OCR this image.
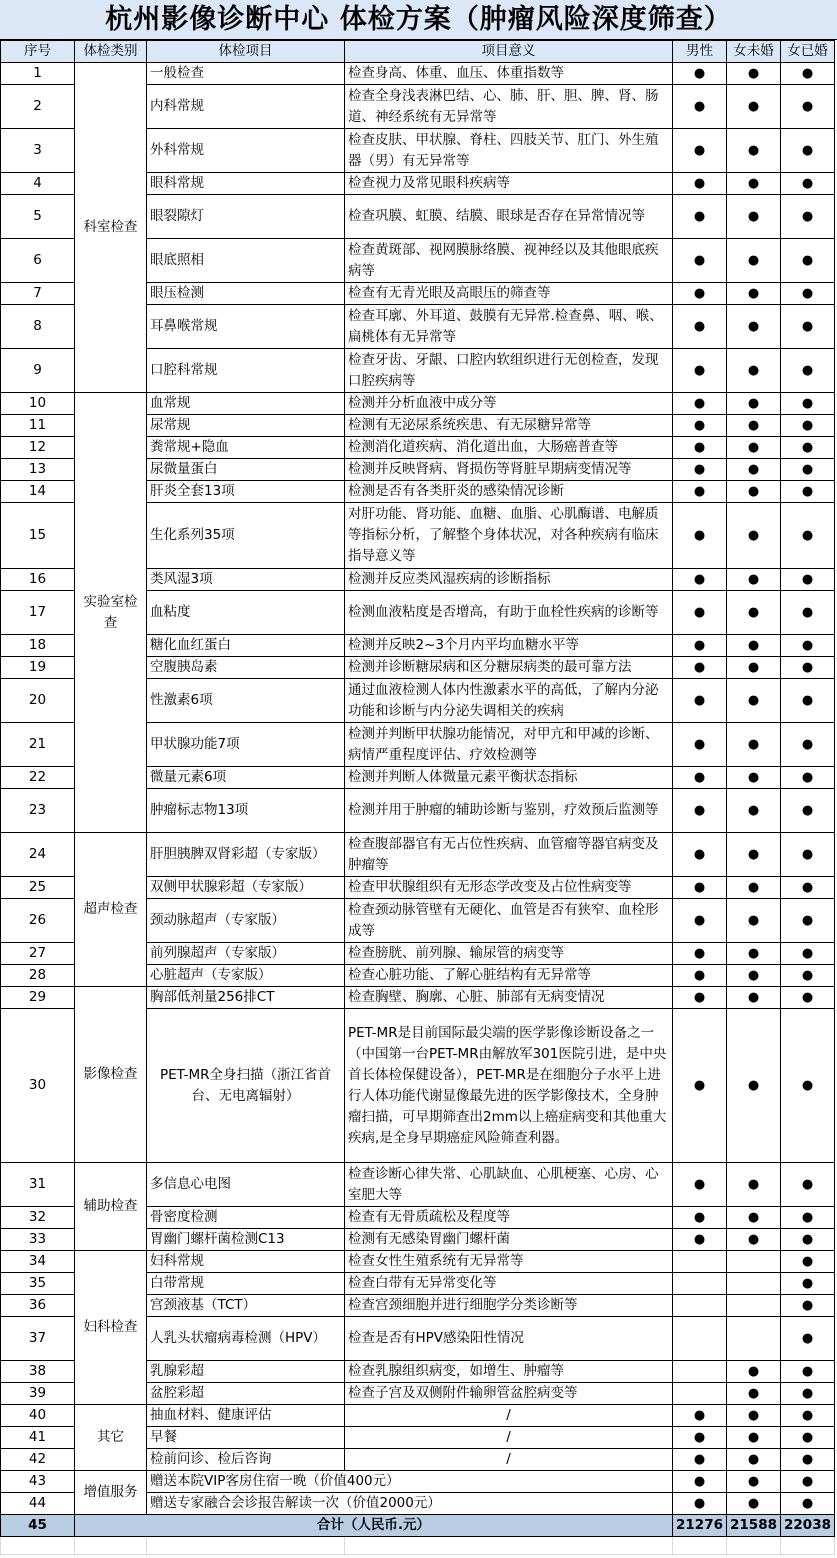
杭州影像诊断中心 体检方案（肿瘤风险深度筛查）
序号	体检类别	体检项目	项目意义	男性	女未婚	女已婚
1	科室检查	一般检查	检查身高、体重、血压、体重指数等	●	●	●
2		内科常规	检查全身浅表淋巴结、心、肺、肝、胆、脾、肾、肠道、神经系统有无异常等	●	●	●
3		外科常规	检查皮肤、甲状腺、脊柱、四肢关节、肛门、外生殖器（男）有无异常等	●	●	●
4		眼科常规	检查视力及常见眼科疾病等	●	●	●
5		眼裂隙灯	检查巩膜、虹膜、结膜、眼球是否存在异常情况等	●	●	●
6		眼底照相	检查黄斑部、视网膜脉络膜、视神经以及其他眼底疾病等	●	●	●
7		眼压检测	检查有无青光眼及高眼压的筛查等	●	●	●
8		耳鼻喉常规	检查耳廓、外耳道、鼓膜有无异常.检查鼻、咽、喉、扁桃体有无异常等	●	●	●
9		口腔科常规	检查牙齿、牙龈、口腔内软组织进行无创检查，发现口腔疾病等	●	●	●
10	实验室检查	血常规	检测并分析血液中成分等	●	●	●
11		尿常规	检测有无泌尿系统疾患、有无尿糖异常等	●	●	●
12		粪常规+隐血	检测消化道疾病、消化道出血，大肠癌普查等	●	●	●
13		尿微量蛋白	检测并反映肾病、肾损伤等肾脏早期病变情况等	●	●	●
14		肝炎全套13项	检测是否有各类肝炎的感染情况诊断	●	●	●
15		生化系列35项	对肝功能、肾功能、血糖、血脂、心肌酶谱、电解质等指标分析，了解整个身体状况，对各种疾病有临床指导意义等	●	●	●
16		类风湿3项	检测并反应类风湿疾病的诊断指标	●	●	●
17		血粘度	检测血液粘度是否增高，有助于血栓性疾病的诊断等	●	●	●
18		糖化血红蛋白	检测并反映2~3个月内平均血糖水平等	●	●	●
19		空腹胰岛素	检测并诊断糖尿病和区分糖尿病类的最可靠方法	●	●	●
20		性激素6项	通过血液检测人体内性激素水平的高低，了解内分泌功能和诊断与内分泌失调相关的疾病	●	●	●
21		甲状腺功能7项	检测并判断甲状腺功能情况，对甲亢和甲减的诊断、病情严重程度评估、疗效检测等	●	●	●
22		微量元素6项	检测并判断人体微量元素平衡状态指标	●	●	●
23		肿瘤标志物13项	检测并用于肿瘤的辅助诊断与鉴别，疗效预后监测等	●	●	●
24	超声检查	肝胆胰脾双肾彩超（专家版）	检查腹部器官有无占位性疾病、血管瘤等器官病变及肿瘤等	●	●	●
25		双侧甲状腺彩超（专家版）	检查甲状腺组织有无形态学改变及占位性病变等	●	●	●
26		颈动脉超声（专家版）	检查颈动脉管壁有无硬化、血管是否有狭窄、血栓形成等	●	●	●
27		前列腺超声（专家版）	检查膀胱、前列腺、输尿管的病变等	●	●	●
28		心脏超声（专家版）	检查心脏功能、了解心脏结构有无异常等	●	●	●
29	影像检查	胸部低剂量256排CT	检查胸壁、胸廓、心脏、肺部有无病变情况	●	●	●
30		PET-MR全身扫描（浙江省首台、无电离辐射）	PET-MR是目前国际最尖端的医学影像诊断设备之一（中国第一台PET-MR由解放军301医院引进，是中央首长体检保健设备），PET-MR是在细胞分子水平上进行人体功能代谢显像最先进的医学影像技术，全身肿瘤扫描，可早期筛查出2mm以上癌症病变和其他重大疾病,是全身早期癌症风险筛查利器。	●	●	●
31	辅助检查	多信息心电图	检查诊断心律失常、心肌缺血、心肌梗塞、心房、心室肥大等	●	●	●
32		骨密度检测	检查有无骨质疏松及程度等	●	●	●
33		胃幽门螺杆菌检测C13	检测有无感染胃幽门螺杆菌	●	●	●
34	妇科检查	妇科常规	检查女性生殖系统有无异常等			●
35		白带常规	检查白带有无异常变化等			●
36		宫颈液基（TCT）	检查宫颈细胞并进行细胞学分类诊断等			●
37		人乳头状瘤病毒检测（HPV）	检查是否有HPV感染阳性情况			●
38		乳腺彩超	检查乳腺组织病变，如增生、肿瘤等		●	●
39		盆腔彩超	检查子宫及双侧附件输卵管盆腔病变等		●	●
40	其它	抽血材料、健康评估	/	●	●	●
41		早餐	/	●	●	●
42		检前问诊、检后咨询	/	●	●	●
43	增值服务	赠送本院VIP客房住宿一晚（价值400元）		●	●	●
44		赠送专家融合会诊报告解读一次（价值2000元）		●	●	●
45	合计（人民币.元）			21276	21588	22038
